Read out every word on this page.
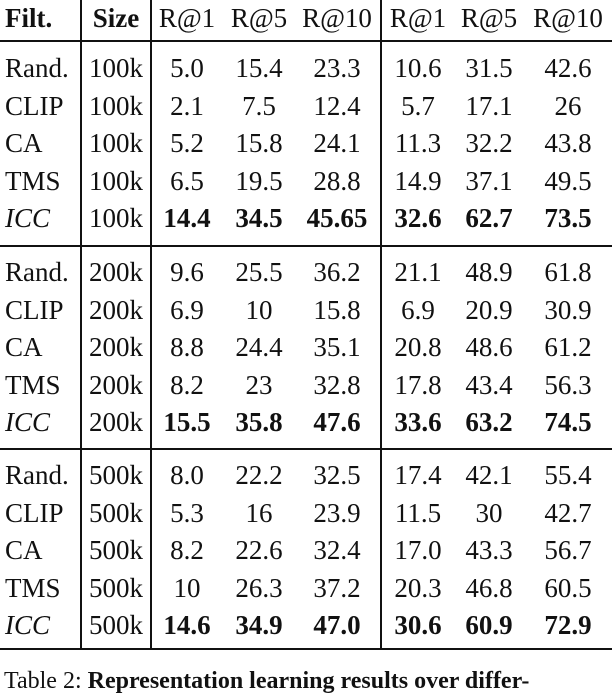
Filt.	Size R@1 R@5 R@10 R@1 R@5 R@10
Rand. 100k	5.0	15.4	23.3	10.6 31.5	42.6
CLIP 100k	2.1	7.5	12.4	5.7	17.1	26
CA 100k	5.2	15.8	24.1	11.3 32.2	43.8
TMS 100k	6.5	19.5	28.8	14.9 37.1	49.5
ICC 100k 14.4 34.5 45.65	32.6 62.7	73.5
Rand. 200k	9.6	25.5	36.2	21.1 48.9	61.8
CLIP 200k	6.9	10	15.8	6.9	20.9	30.9
CA 200k	8.8	24.4	35.1	20.8 48.6	61.2
TMS 200k	8.2	23	32.8	17.8 43.4	56.3
ICC 200k 15.5 35.8	47.6	33.6 63.2	74.5
Rand. 500k	8.0	22.2	32.5	17.4 42.1	55.4
CLIP 500k	5.3	16	23.9	11.5	30	42.7
CA 500k	8.2	22.6	32.4	17.0 43.3	56.7
TMS 500k	10	26.3	37.2	20.3 46.8	60.5
ICC 500k 14.6 34.9	47.0	30.6 60.9	72.9
Table 2: Representation learning results over differ-
